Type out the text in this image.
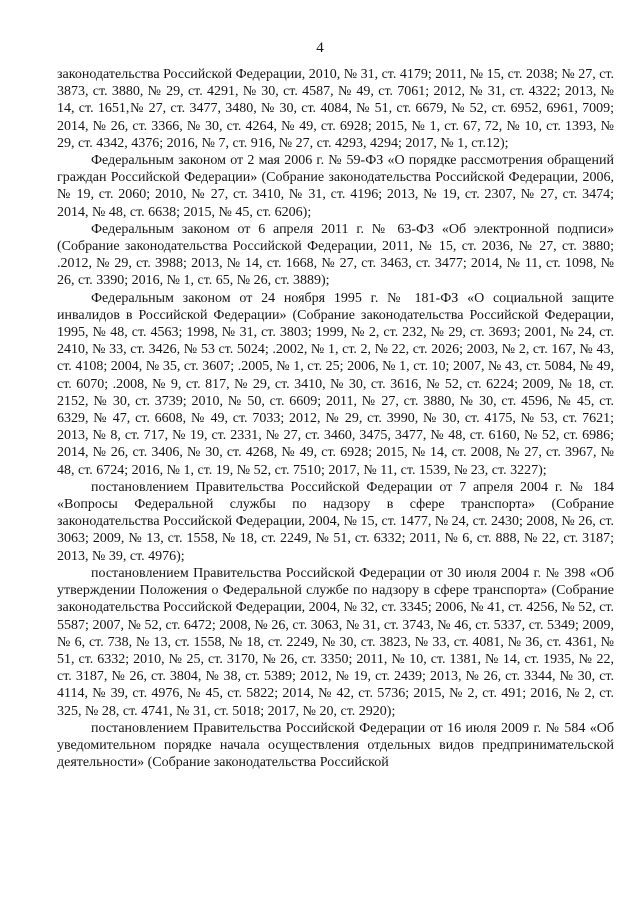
4

законодательства Российской Федерации, 2010, № 31, ст. 4179; 2011, № 15, ст. 2038; № 27, ст. 3873, ст. 3880, № 29, ст. 4291, № 30, ст. 4587, № 49, ст. 7061; 2012, № 31, ст. 4322; 2013, № 14, ст. 1651,№ 27, ст. 3477, 3480, № 30, ст. 4084, № 51, ст. 6679, № 52, ст. 6952, 6961, 7009; 2014, № 26, ст. 3366, № 30, ст. 4264, № 49, ст. 6928; 2015, № 1, ст. 67, 72, № 10, ст. 1393, № 29, ст. 4342, 4376; 2016, № 7, ст. 916, № 27, ст. 4293, 4294; 2017, № 1, ст.12);

Федеральным законом от 2 мая 2006 г. № 59-ФЗ «О порядке рассмотрения обращений граждан Российской Федерации» (Собрание законодательства Российской Федерации, 2006, № 19, ст. 2060; 2010, № 27, ст. 3410, № 31, ст. 4196; 2013, № 19, ст. 2307, № 27, ст. 3474; 2014, № 48, ст. 6638; 2015, № 45, ст. 6206);

Федеральным законом от 6 апреля 2011 г. № 63-ФЗ «Об электронной подписи» (Собрание законодательства Российской Федерации, 2011, № 15, ст. 2036, № 27, ст. 3880; .2012, № 29, ст. 3988; 2013, № 14, ст. 1668, № 27, ст. 3463, ст. 3477; 2014, № 11, ст. 1098, № 26, ст. 3390; 2016, № 1, ст. 65, № 26, ст. 3889);

Федеральным законом от 24 ноября 1995 г. № 181-ФЗ «О социальной защите инвалидов в Российской Федерации» (Собрание законодательства Российской Федерации, 1995, № 48, ст. 4563; 1998, № 31, ст. 3803; 1999, № 2, ст. 232, № 29, ст. 3693; 2001, № 24, ст. 2410, № 33, ст. 3426, № 53 ст. 5024; .2002, № 1, ст. 2, № 22, ст. 2026; 2003, № 2, ст. 167, № 43, ст. 4108; 2004, № 35, ст. 3607; .2005, № 1, ст. 25; 2006, № 1, ст. 10; 2007, № 43, ст. 5084, № 49, ст. 6070; .2008, № 9, ст. 817, № 29, ст. 3410, № 30, ст. 3616, № 52, ст. 6224; 2009, № 18, ст. 2152, № 30, ст. 3739; 2010, № 50, ст. 6609; 2011, № 27, ст. 3880, № 30, ст. 4596, № 45, ст. 6329, № 47, ст. 6608, № 49, ст. 7033; 2012, № 29, ст. 3990, № 30, ст. 4175, № 53, ст. 7621; 2013, № 8, ст. 717, № 19, ст. 2331, № 27, ст. 3460, 3475, 3477, № 48, ст. 6160, № 52, ст. 6986; 2014, № 26, ст. 3406, № 30, ст. 4268, № 49, ст. 6928; 2015, № 14, ст. 2008, № 27, ст. 3967, № 48, ст. 6724; 2016, № 1, ст. 19, № 52, ст. 7510; 2017, № 11, ст. 1539, № 23, ст. 3227);

постановлением Правительства Российской Федерации от 7 апреля 2004 г. № 184 «Вопросы Федеральной службы по надзору в сфере транспорта» (Собрание законодательства Российской Федерации, 2004, № 15, ст. 1477, № 24, ст. 2430; 2008, № 26, ст. 3063; 2009, № 13, ст. 1558, № 18, ст. 2249, № 51, ст. 6332; 2011, № 6, ст. 888, № 22, ст. 3187; 2013, № 39, ст. 4976);

постановлением Правительства Российской Федерации от 30 июля 2004 г. № 398 «Об утверждении Положения о Федеральной службе по надзору в сфере транспорта» (Собрание законодательства Российской Федерации, 2004, № 32, ст. 3345; 2006, № 41, ст. 4256, № 52, ст. 5587; 2007, № 52, ст. 6472; 2008, № 26, ст. 3063, № 31, ст. 3743, № 46, ст. 5337, ст. 5349; 2009, № 6, ст. 738, № 13, ст. 1558, № 18, ст. 2249, № 30, ст. 3823, № 33, ст. 4081, № 36, ст. 4361, № 51, ст. 6332; 2010, № 25, ст. 3170, № 26, ст. 3350; 2011, № 10, ст. 1381, № 14, ст. 1935, № 22, ст. 3187, № 26, ст. 3804, № 38, ст. 5389; 2012, № 19, ст. 2439; 2013, № 26, ст. 3344, № 30, ст. 4114, № 39, ст. 4976, № 45, ст. 5822; 2014, № 42, ст. 5736; 2015, № 2, ст. 491; 2016, № 2, ст. 325, № 28, ст. 4741, № 31, ст. 5018; 2017, № 20, ст. 2920);

постановлением Правительства Российской Федерации от 16 июля 2009 г. № 584 «Об уведомительном порядке начала осуществления отдельных видов предпринимательской деятельности» (Собрание законодательства Российской
